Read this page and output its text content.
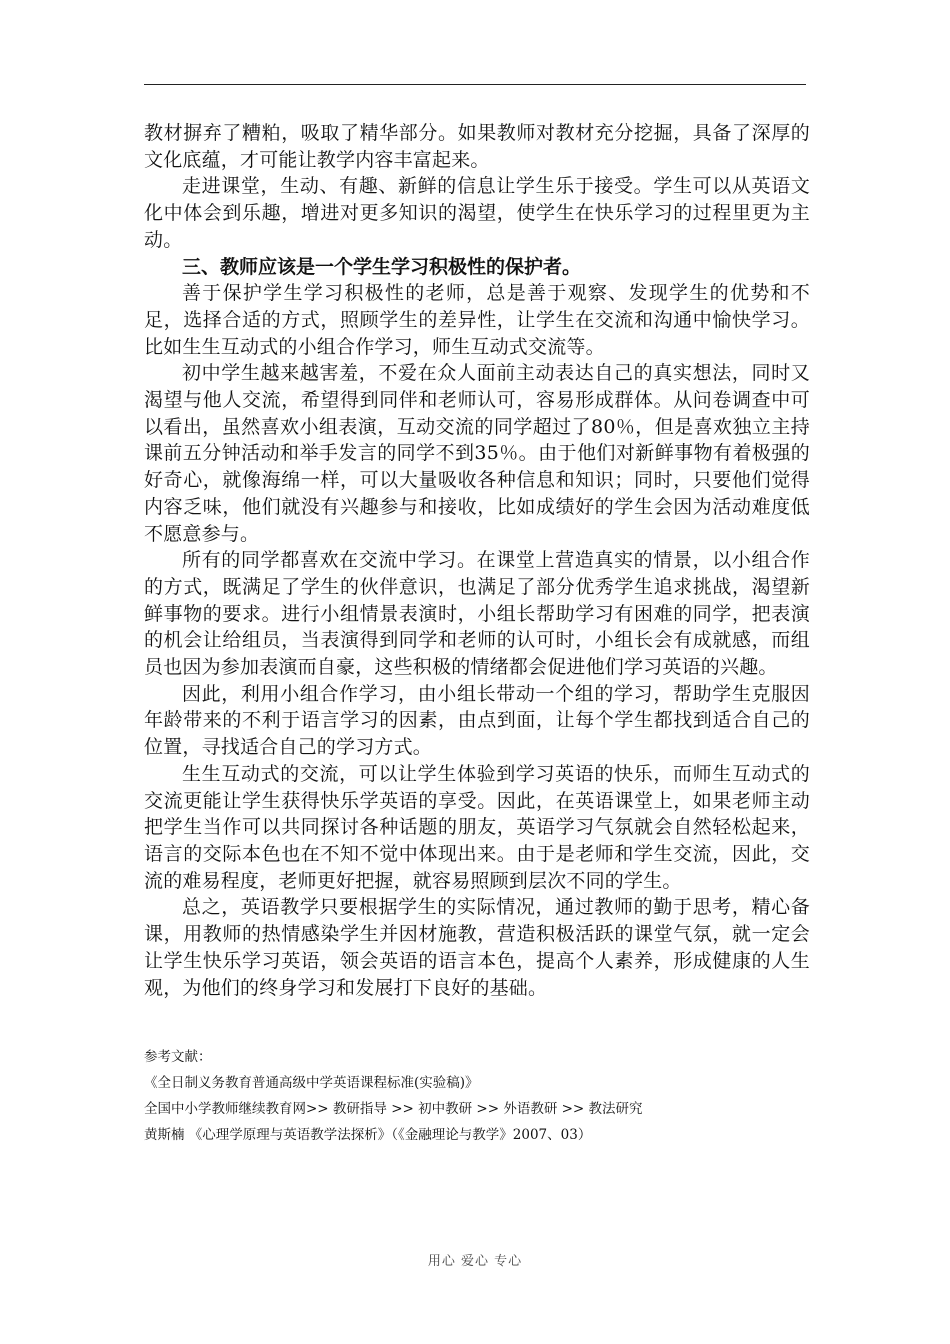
教材摒弃了糟粕，吸取了精华部分。如果教师对教材充分挖掘，具备了深厚的文化底蕴，才可能让教学内容丰富起来。

走进课堂，生动、有趣、新鲜的信息让学生乐于接受。学生可以从英语文化中体会到乐趣，增进对更多知识的渴望，使学生在快乐学习的过程里更为主动。

三、教师应该是一个学生学习积极性的保护者。

善于保护学生学习积极性的老师，总是善于观察、发现学生的优势和不足，选择合适的方式，照顾学生的差异性，让学生在交流和沟通中愉快学习。比如生生互动式的小组合作学习，师生互动式交流等。

初中学生越来越害羞，不爱在众人面前主动表达自己的真实想法，同时又渴望与他人交流，希望得到同伴和老师认可，容易形成群体。从问卷调查中可以看出，虽然喜欢小组表演，互动交流的同学超过了80％，但是喜欢独立主持课前五分钟活动和举手发言的同学不到35％。由于他们对新鲜事物有着极强的好奇心，就像海绵一样，可以大量吸收各种信息和知识；同时，只要他们觉得内容乏味，他们就没有兴趣参与和接收，比如成绩好的学生会因为活动难度低不愿意参与。

所有的同学都喜欢在交流中学习。在课堂上营造真实的情景，以小组合作的方式，既满足了学生的伙伴意识，也满足了部分优秀学生追求挑战，渴望新鲜事物的要求。进行小组情景表演时，小组长帮助学习有困难的同学，把表演的机会让给组员，当表演得到同学和老师的认可时，小组长会有成就感，而组员也因为参加表演而自豪，这些积极的情绪都会促进他们学习英语的兴趣。

因此，利用小组合作学习，由小组长带动一个组的学习，帮助学生克服因年龄带来的不利于语言学习的因素，由点到面，让每个学生都找到适合自己的位置，寻找适合自己的学习方式。

生生互动式的交流，可以让学生体验到学习英语的快乐，而师生互动式的交流更能让学生获得快乐学英语的享受。因此，在英语课堂上，如果老师主动把学生当作可以共同探讨各种话题的朋友，英语学习气氛就会自然轻松起来，语言的交际本色也在不知不觉中体现出来。由于是老师和学生交流，因此，交流的难易程度，老师更好把握，就容易照顾到层次不同的学生。

总之，英语教学只要根据学生的实际情况，通过教师的勤于思考，精心备课，用教师的热情感染学生并因材施教，营造积极活跃的课堂气氛，就一定会让学生快乐学习英语，领会英语的语言本色，提高个人素养，形成健康的人生观，为他们的终身学习和发展打下良好的基础。

参考文献：
《全日制义务教育普通高级中学英语课程标准(实验稿)》
全国中小学教师继续教育网>> 教研指导 >> 初中教研 >> 外语教研 >> 教法研究
黄斯楠 《心理学原理与英语教学法探析》（《金融理论与教学》2007、03）
用心 爱心 专心
